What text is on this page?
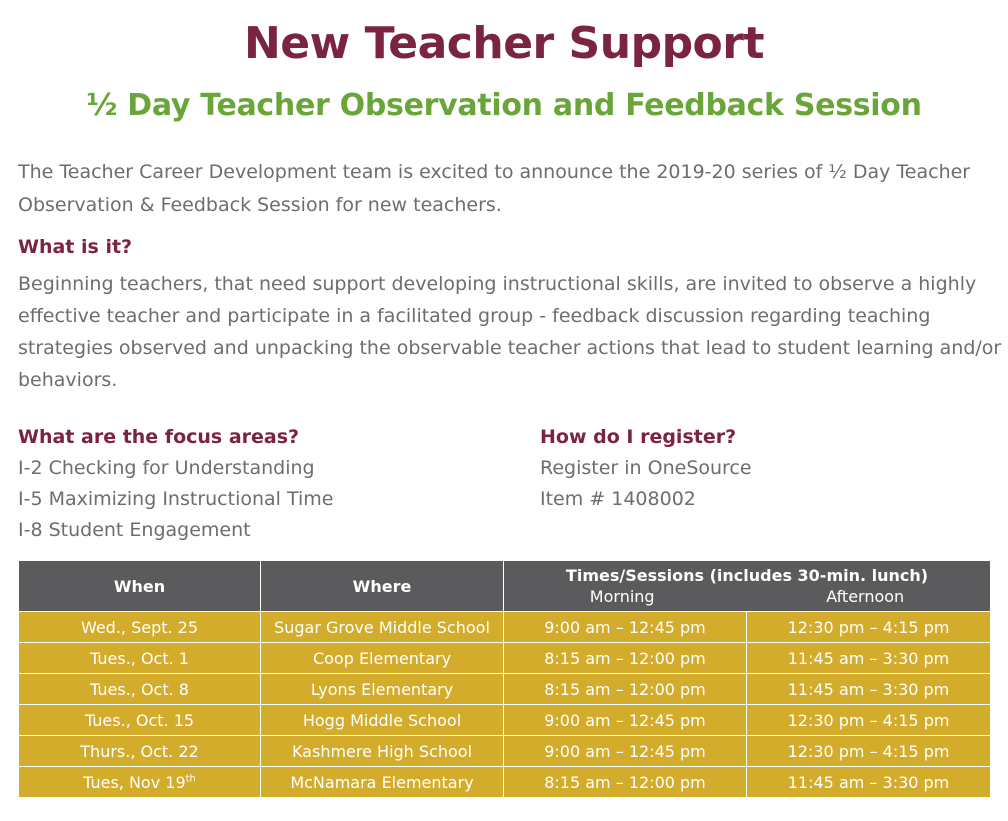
New Teacher Support
½ Day Teacher Observation and Feedback Session
The Teacher Career Development team is excited to announce the 2019-20 series of ½ Day Teacher Observation & Feedback Session for new teachers.
What is it?
Beginning teachers, that need support developing instructional skills, are invited to observe a highly effective teacher and participate in a facilitated group - feedback discussion regarding teaching strategies observed and unpacking the observable teacher actions that lead to student learning and/or behaviors.
What are the focus areas?
I-2 Checking for Understanding
I-5 Maximizing Instructional Time
I-8 Student Engagement
How do I register?
Register in OneSource
Item # 1408002
When	Where	Times/Sessions (includes 30-min. lunch)
Morning Afternoon	

Wed., Sept. 25	Sugar Grove Middle School	9:00 am – 12:45 pm	12:30 pm – 4:15 pm
Tues., Oct. 1	Coop Elementary	8:15 am – 12:00 pm	11:45 am – 3:30 pm
Tues., Oct. 8	Lyons Elementary	8:15 am – 12:00 pm	11:45 am – 3:30 pm
Tues., Oct. 15	Hogg Middle School	9:00 am – 12:45 pm	12:30 pm – 4:15 pm
Thurs., Oct. 22	Kashmere High School	9:00 am – 12:45 pm	12:30 pm – 4:15 pm
Tues, Nov 19th	McNamara Elementary	8:15 am – 12:00 pm	11:45 am – 3:30 pm
